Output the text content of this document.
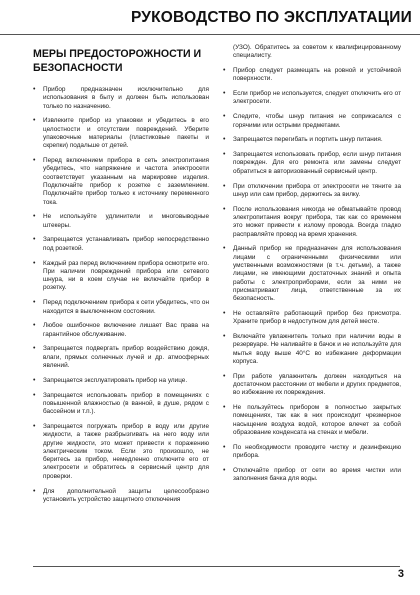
РУКОВОДСТВО ПО ЭКСПЛУАТАЦИИ
МЕРЫ ПРЕДОСТОРОЖНОСТИ И БЕЗОПАСНОСТИ
• Прибор предназначен исключительно для использования в быту и должен быть использован только по назначению.
• Извлеките прибор из упаковки и убедитесь в его целостности и отсутствии повреждений. Уберите упаковочные материалы (пластиковые пакеты и скрепки) подальше от детей.
• Перед включением прибора в сеть электропитания убедитесь, что напряжение и частота электросети соответствует указанным на маркировке изделия. Подключайте прибор к розетке с заземлением. Подключайте прибор только к источнику переменного тока.
• Не используйте удлинители и многовыводные штекеры.
• Запрещается устанавливать прибор непосредственно под розеткой.
• Каждый раз перед включением прибора осмотрите его. При наличии повреждений прибора или сетевого шнура, ни в коем случае не включайте прибор в розетку.
• Перед подключением прибора к сети убедитесь, что он находится в выключенном состоянии.
• Любое ошибочное включение лишает Вас права на гарантийное обслуживание.
• Запрещается подвергать прибор воздействию дождя, влаги, прямых солнечных лучей и др. атмосферных явлений.
• Запрещается эксплуатировать прибор на улице.
• Запрещается использовать прибор в помещениях с повышенной влажностью (в ванной, в душе, рядом с бассейном и т.п.).
• Запрещается погружать прибор в воду или другие жидкости, а также разбрызгивать на него воду или другие жидкости, это может привести к поражению электрическим током. Если это произошло, не беритесь за прибор, немедленно отключите его от электросети и обратитесь в сервисный центр для проверки.
• Для дополнительной защиты целесообразно установить устройство защитного отключения

(УЗО). Обратитесь за советом к квалифицированному специалисту.

• Прибор следует размещать на ровной и устойчивой поверхности.
• Если прибор не используется, следует отключить его от электросети.
• Следите, чтобы шнур питания не соприкасался с горячими или острыми предметами.
• Запрещается перегибать и портить шнур питания.
• Запрещается использовать прибор, если шнур питания поврежден. Для его ремонта или замены следует обратиться в авторизованный сервисный центр.
• При отключении прибора от электросети не тяните за шнур или сам прибор, держитесь за вилку.
• После использования никогда не обматывайте провод электропитания вокруг прибора, так как со временем это может привести к излому провода. Всегда гладко расправляйте провод на время хранения.
• Данный прибор не предназначен для использования лицами с ограниченными физическими или умственными возможностями (в т.ч. детьми), а также лицами, не имеющими достаточных знаний и опыта работы с электроприборами, если за ними не присматривают лица, ответственные за их безопасность.
• Не оставляйте работающий прибор без присмотра. Храните прибор в недоступном для детей месте.
• Включайте увлажнитель только при наличии воды в резервуаре. Не наливайте в бачок и не используйте для мытья воду выше 40°С во избежание деформации корпуса.
• При работе увлажнитель должен находиться на достаточном расстоянии от мебели и других предметов, во избежание их повреждения.
• Не пользуйтесь прибором в полностью закрытых помещениях, так как в них происходит чрезмерное насыщение воздуха водой, которое влечет за собой образование конденсата на стенах и мебели.
• По необходимости проводите чистку и дезинфекцию прибора.
• Отключайте прибор от сети во время чистки или заполнения бачка для воды.
3
